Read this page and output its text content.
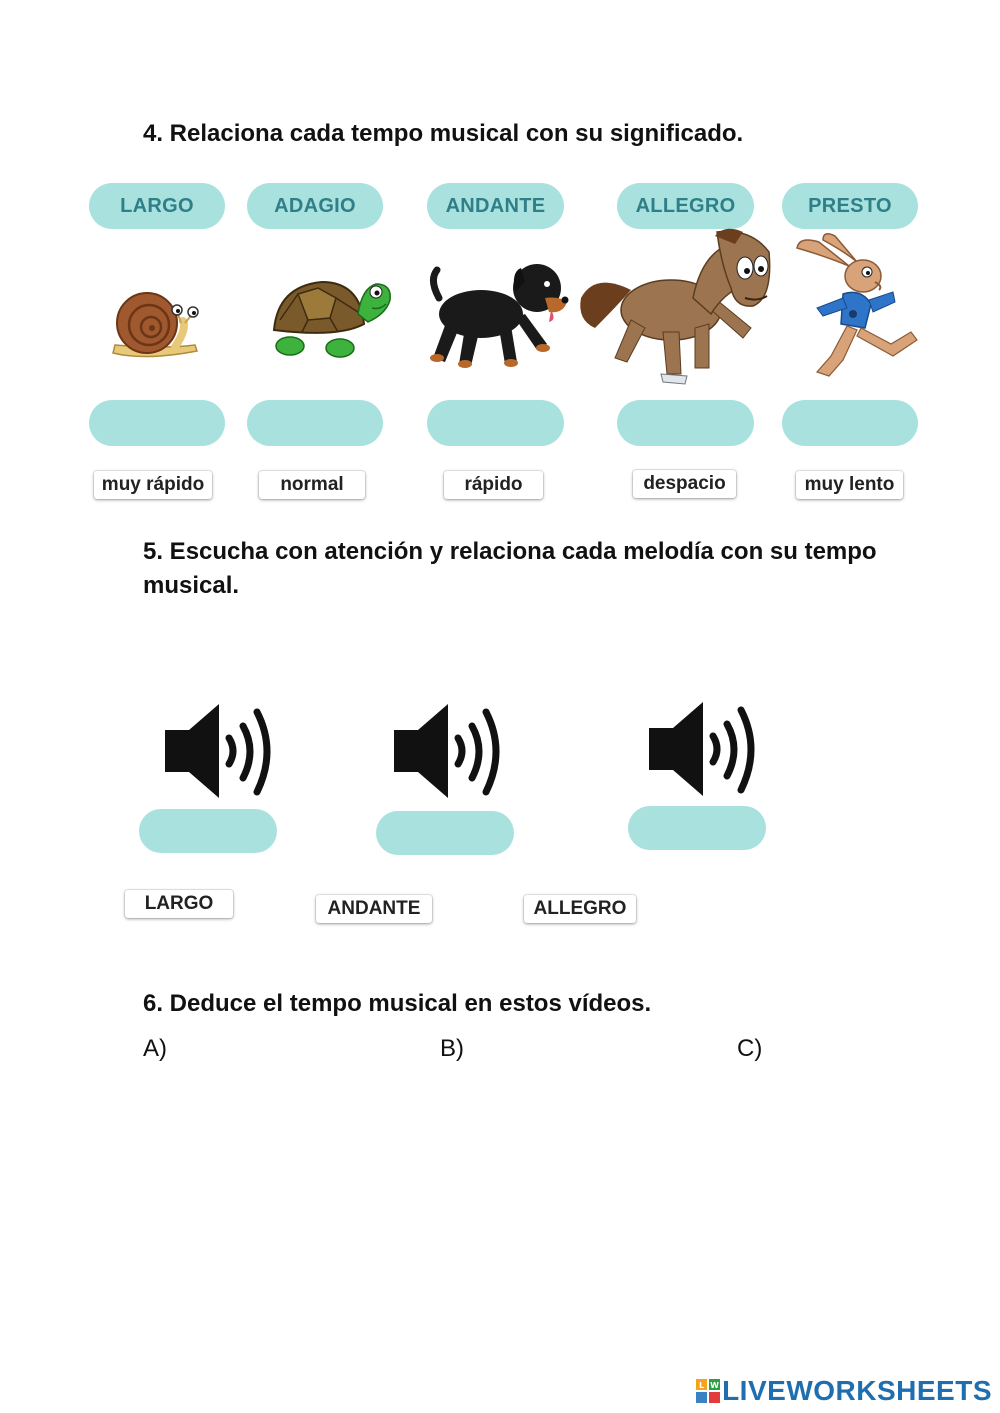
4. Relaciona cada tempo musical con su significado.
LARGO	ADAGIO	ANDANTE	ALLEGRO	PRESTO
muy rápido	normal	rápido	despacio	muy lento
5. Escucha con atención y relaciona cada melodía con su tempo musical.
LARGO	ANDANTE	ALLEGRO
6. Deduce el tempo musical en estos vídeos.
A)	B)	C)
L W LIVEWORKSHEETS
